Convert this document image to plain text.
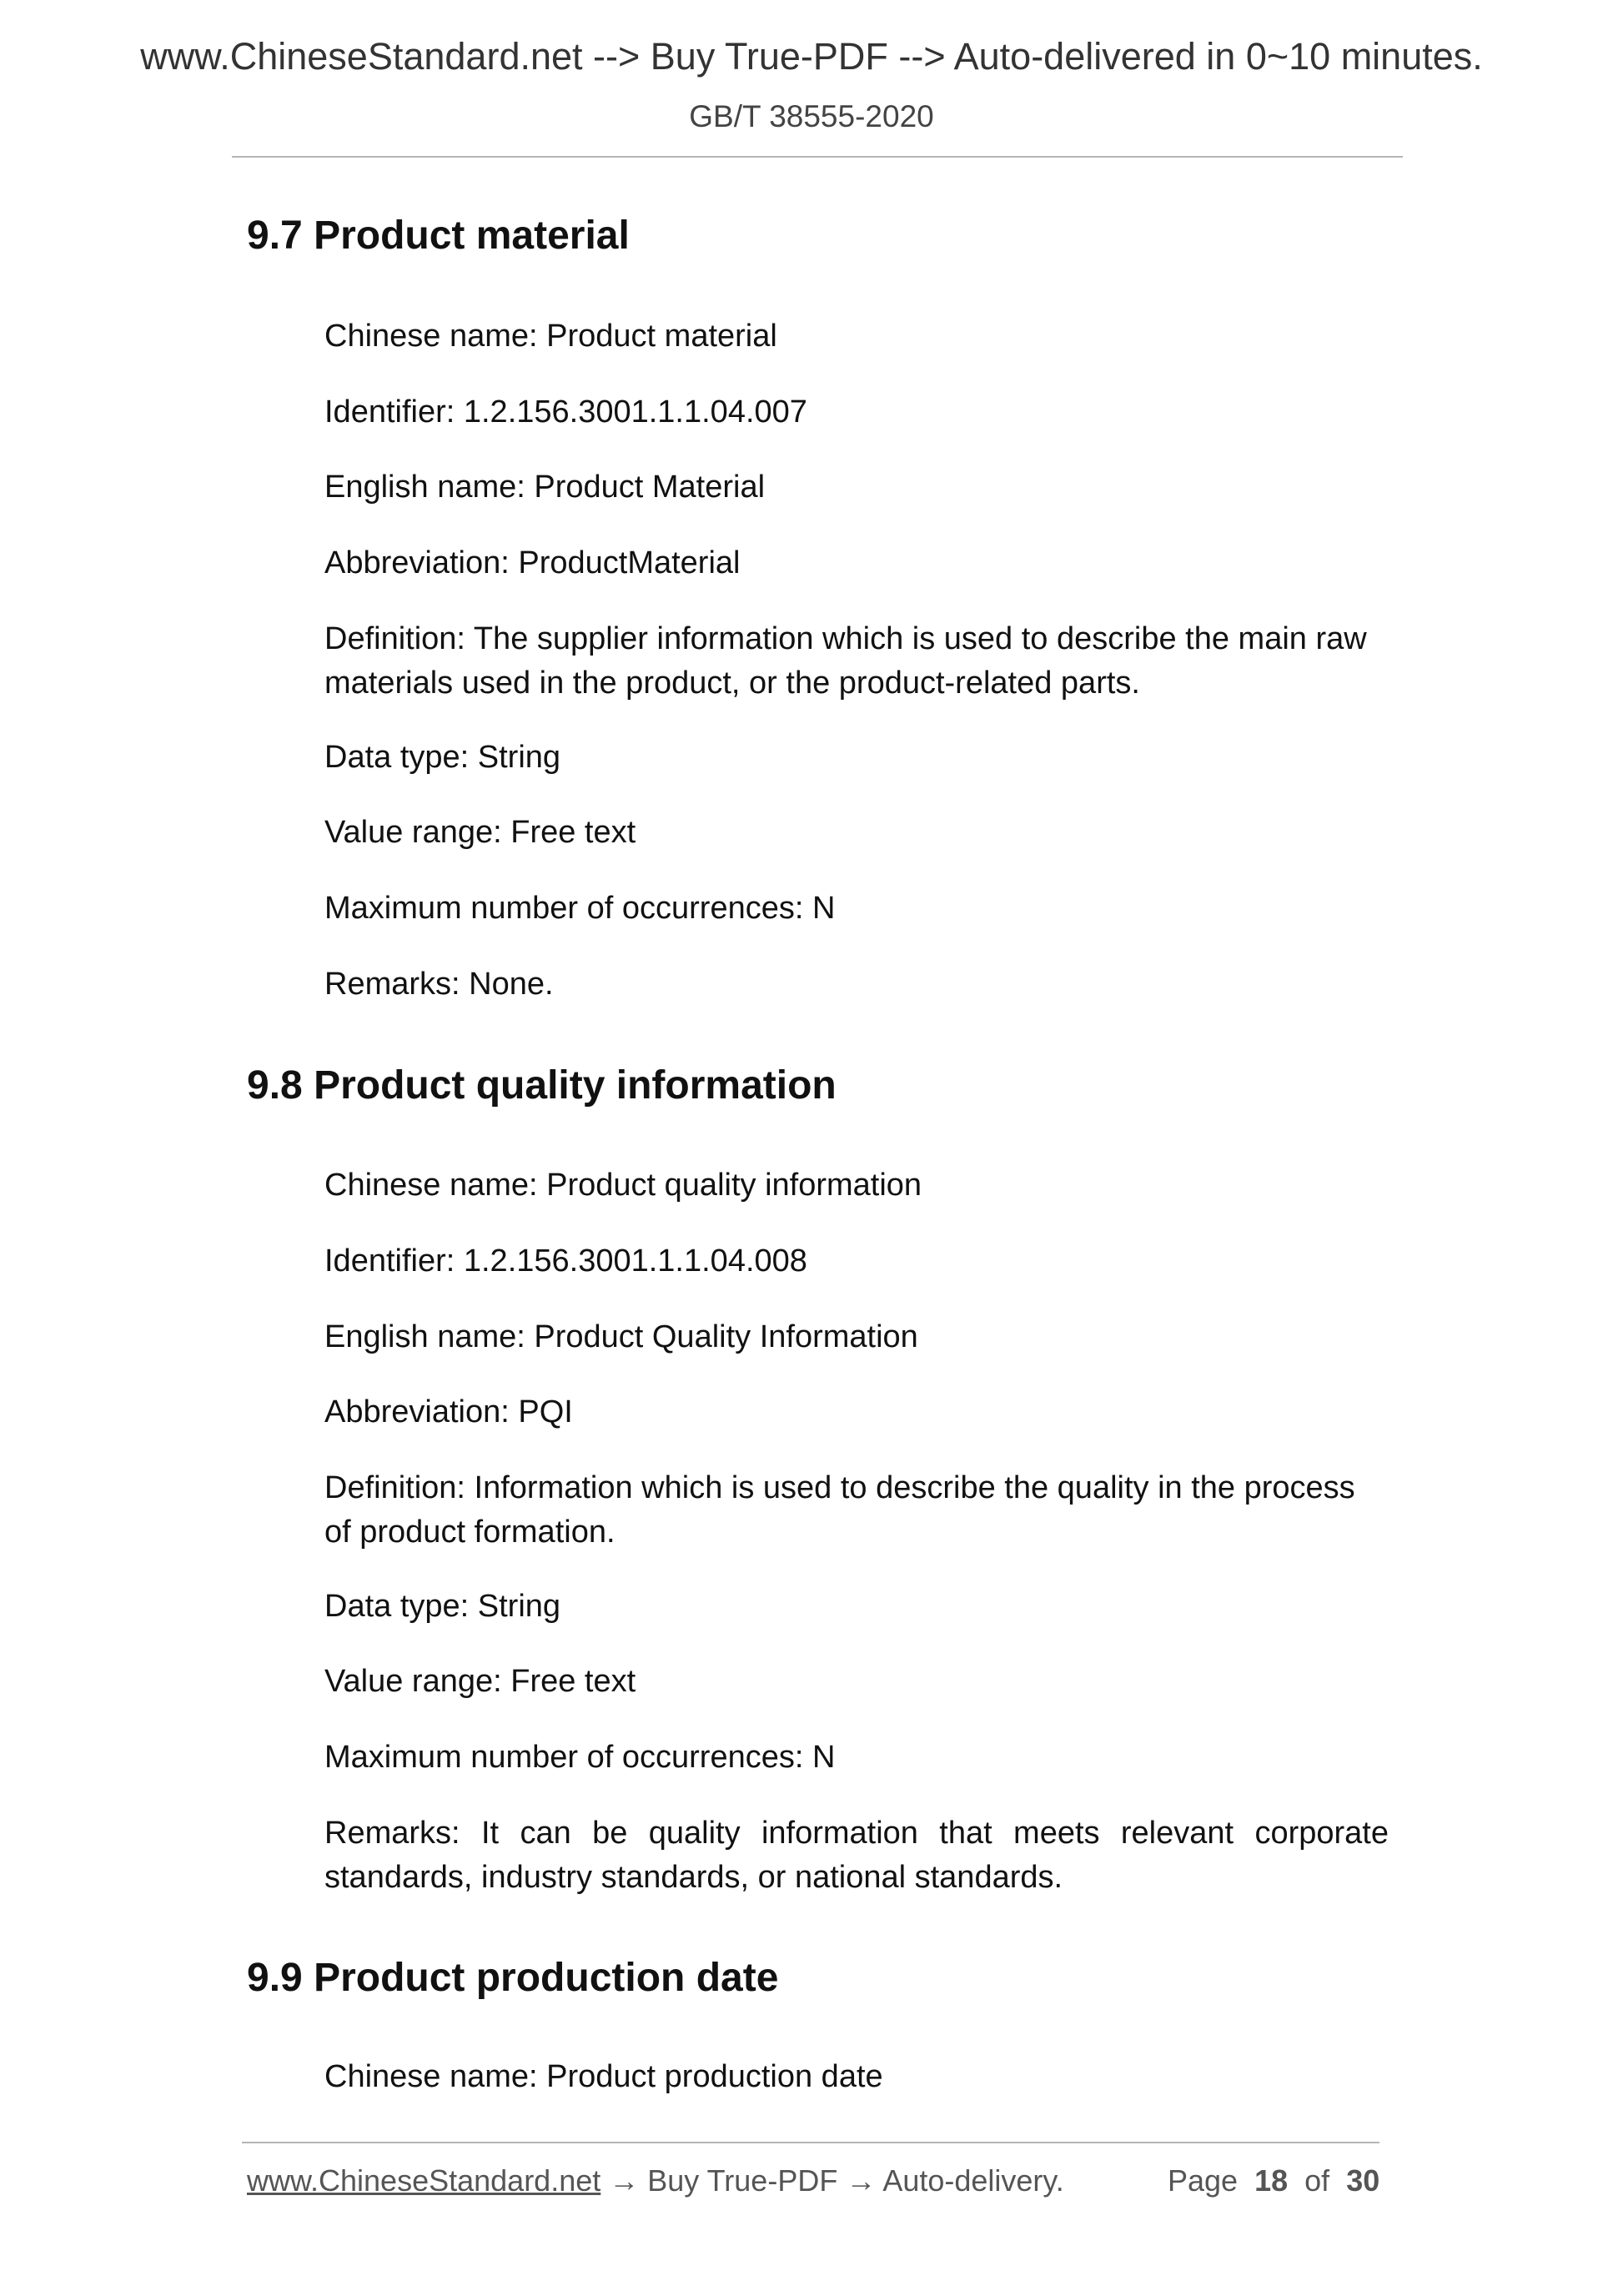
www.ChineseStandard.net --> Buy True-PDF --> Auto-delivered in 0~10 minutes.
GB/T 38555-2020
9.7 Product material
Chinese name: Product material
Identifier: 1.2.156.3001.1.1.04.007
English name: Product Material
Abbreviation: ProductMaterial
Definition: The supplier information which is used to describe the main raw materials used in the product, or the product-related parts.
Data type: String
Value range: Free text
Maximum number of occurrences: N
Remarks: None.
9.8 Product quality information
Chinese name: Product quality information
Identifier: 1.2.156.3001.1.1.04.008
English name: Product Quality Information
Abbreviation: PQI
Definition: Information which is used to describe the quality in the process of product formation.
Data type: String
Value range: Free text
Maximum number of occurrences: N
Remarks: It can be quality information that meets relevant corporate standards, industry standards, or national standards.
9.9 Product production date
Chinese name: Product production date
www.ChineseStandard.net → Buy True-PDF → Auto-delivery.	Page 18 of 30
